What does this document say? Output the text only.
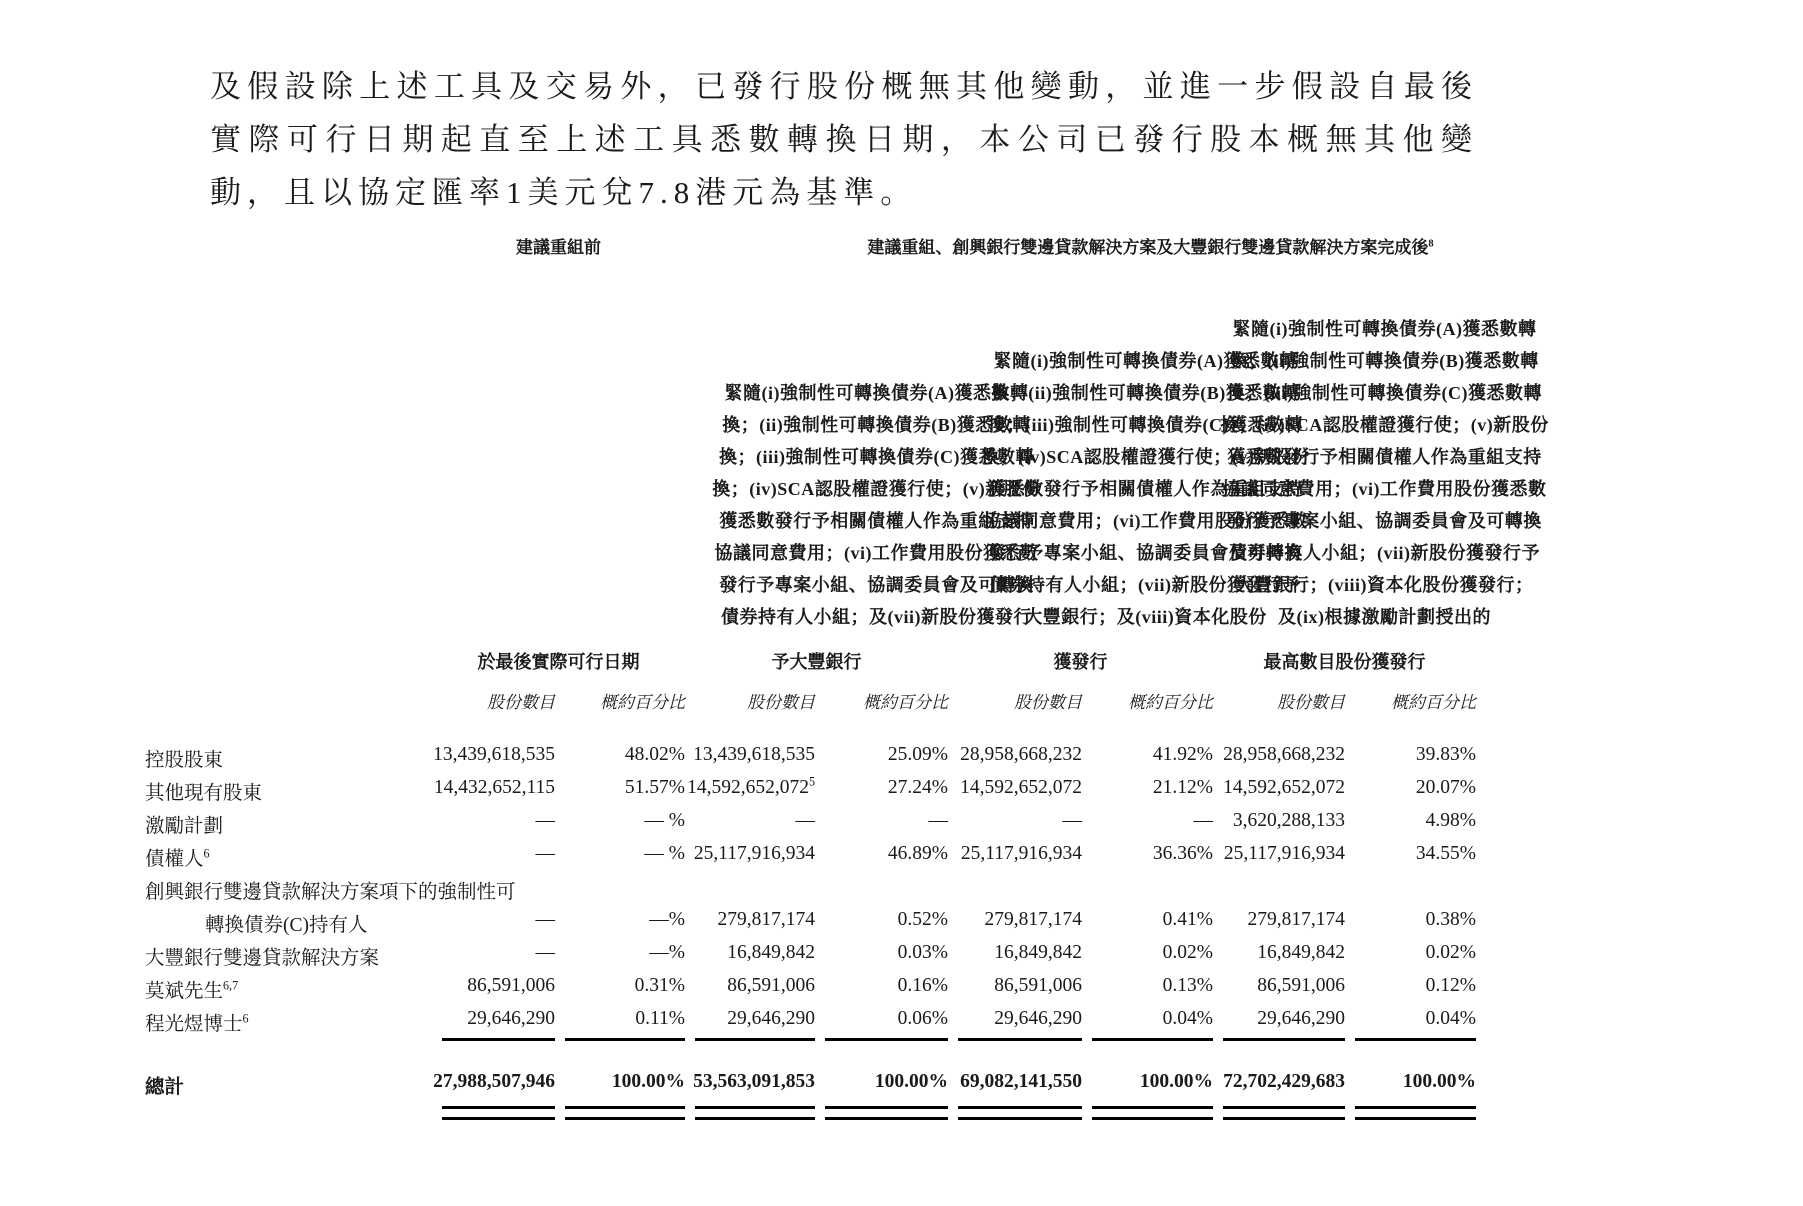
及假設除上述工具及交易外，已發行股份概無其他變動，並進一步假設自最後
實際可行日期起直至上述工具悉數轉換日期，本公司已發行股本概無其他變
動，且以協定匯率1美元兌7.8港元為基準。
建議重組前	建議重組、創興銀行雙邊貸款解決方案及大豐銀行雙邊貸款解決方案完成後$^8$
緊隨(i)強制性可轉換債券(A)獲悉數轉
換；(ii)強制性可轉換債券(B)獲悉數轉
換；(iii)強制性可轉換債券(C)獲悉數轉
換；(iv)SCA認股權證獲行使；(v)新股份
獲悉數發行予相關債權人作為重組支持
協議同意費用；(vi)工作費用股份獲悉數
發行予專案小組、協調委員會及可轉換
債券持有人小組；及(vii)新股份獲發行
緊隨(i)強制性可轉換債券(A)獲悉數轉
換；(ii)強制性可轉換債券(B)獲悉數轉
換；(iii)強制性可轉換債券(C)獲悉數轉
換；(iv)SCA認股權證獲行使；(v)新股份
獲悉數發行予相關債權人作為重組支持
協議同意費用；(vi)工作費用股份獲悉數
發行予專案小組、協調委員會及可轉換
債券持有人小組；(vii)新股份獲發行予
大豐銀行；及(viii)資本化股份
緊隨(i)強制性可轉換債券(A)獲悉數轉
換；(ii)強制性可轉換債券(B)獲悉數轉
換；(iii)強制性可轉換債券(C)獲悉數轉
換；(iv)SCA認股權證獲行使；(v)新股份
獲悉數發行予相關債權人作為重組支持
協議同意費用；(vi)工作費用股份獲悉數
發行予專案小組、協調委員會及可轉換
債券持有人小組；(vii)新股份獲發行予
大豐銀行；(viii)資本化股份獲發行；
及(ix)根據激勵計劃授出的
於最後實際可行日期	予大豐銀行	獲發行	最高數目股份獲發行
股份數目	概約百分比	股份數目	概約百分比	股份數目	概約百分比	股份數目	概約百分比
控股股東	13,439,618,535	48.02% 13,439,618,535	25.09% 28,958,668,232	41.92% 28,958,668,232	39.83%
其他現有股東	14,432,652,115	51.57% 14,592,652,072$^5$	27.24% 14,592,652,072	21.12% 14,592,652,072	20.07%
激勵計劃	—	— %	—	—	—	—	3,620,288,133	4.98%
債權人$^6$	—	— % 25,117,916,934	46.89% 25,117,916,934	36.36% 25,117,916,934	34.55%
創興銀行雙邊貸款解決方案項下的強制性可
轉換債券(C)持有人	—	—%	279,817,174	0.52%	279,817,174	0.41%	279,817,174	0.38%
大豐銀行雙邊貸款解決方案	—	—%	16,849,842	0.03%	16,849,842	0.02%	16,849,842	0.02%
莫斌先生$^{6,7}$	86,591,006	0.31%	86,591,006	0.16%	86,591,006	0.13%	86,591,006	0.12%
程光煜博士$^6$	29,646,290	0.11%	29,646,290	0.06%	29,646,290	0.04%	29,646,290	0.04%
總計	27,988,507,946	100.00% 53,563,091,853	100.00% 69,082,141,550	100.00% 72,702,429,683	100.00%
